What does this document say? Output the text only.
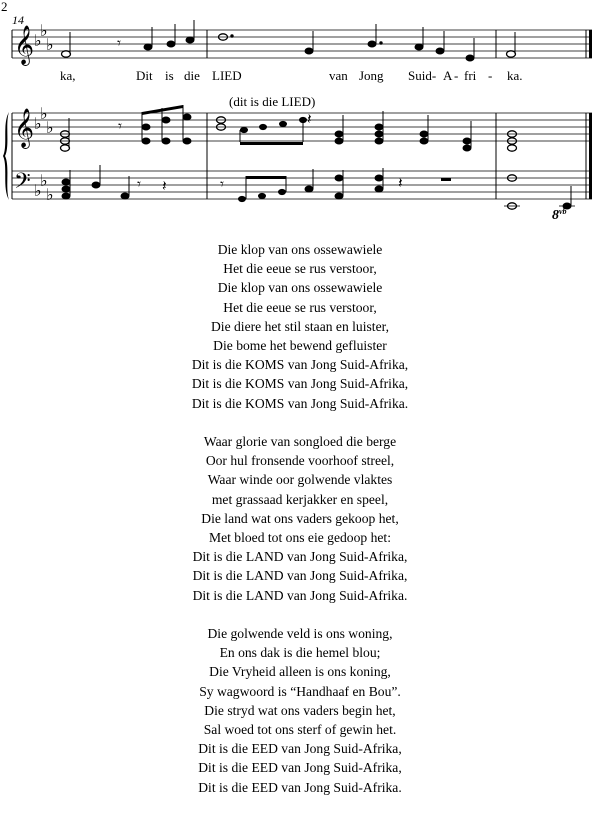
2
𝄞
𝄞
𝄢
♭
♭
♭
♭
♭
♭
♭
♭
♭
𝄾
𝄾	𝄽
𝄾 𝄽	𝄾	𝄽
14
(dit is die LIED)
ka,	Dit is die LIED	van Jong Suid- A - fri - ka.
$8^{vb}$
Die klop van ons ossewawiele
Het die eeue se rus verstoor,
Die klop van ons ossewawiele
Het die eeue se rus verstoor,
Die diere het stil staan en luister,
Die bome het bewend gefluister
Dit is die KOMS van Jong Suid-Afrika,
Dit is die KOMS van Jong Suid-Afrika,
Dit is die KOMS van Jong Suid-Afrika.
Waar glorie van songloed die berge
Oor hul fronsende voorhoof streel,
Waar winde oor golwende vlaktes
met grassaad kerjakker en speel,
Die land wat ons vaders gekoop het,
Met bloed tot ons eie gedoop het:
Dit is die LAND van Jong Suid-Afrika,
Dit is die LAND van Jong Suid-Afrika,
Dit is die LAND van Jong Suid-Afrika.
Die golwende veld is ons woning,
En ons dak is die hemel blou;
Die Vryheid alleen is ons koning,
Sy wagwoord is “Handhaaf en Bou”.
Die stryd wat ons vaders begin het,
Sal woed tot ons sterf of gewin het.
Dit is die EED van Jong Suid-Afrika,
Dit is die EED van Jong Suid-Afrika,
Dit is die EED van Jong Suid-Afrika.
